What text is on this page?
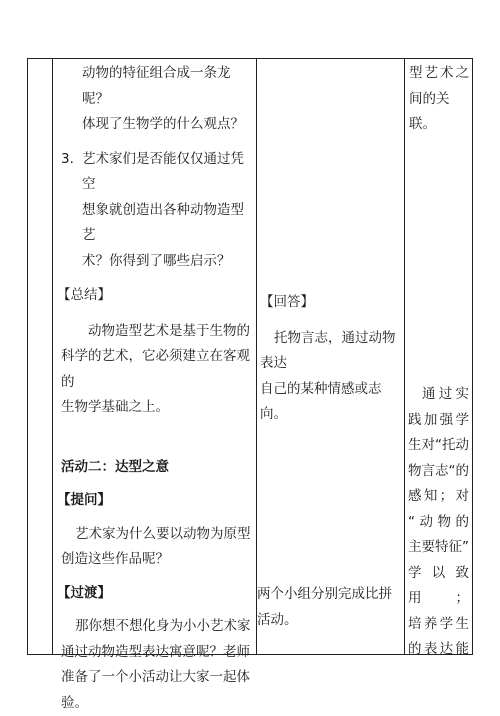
动物的特征组合成一条龙呢？

体现了生物学的什么观点？

3. 艺术家们是否能仅仅通过凭空

想象就创造出各种动物造型艺

术？你得到了哪些启示？

【总结】

动物造型艺术是基于生物的

科学的艺术，它必须建立在客观的

生物学基础之上。

活动二：达型之意

【提问】

艺术家为什么要以动物为原型

创造这些作品呢？

【过渡】

那你想不想化身为小小艺术家

通过动物造型表达寓意呢？老师

准备了一个小活动让大家一起体

验。

【回答】

托物言志，通过动物表达

自己的某种情感或志向。

两个小组分别完成比拼活动。

型艺术之

间的关联。

通过实

践加强学

生对“托动

物言志“的

感知；对

“动物的

主要特征”

学以致用；

培养学生

的表达能
